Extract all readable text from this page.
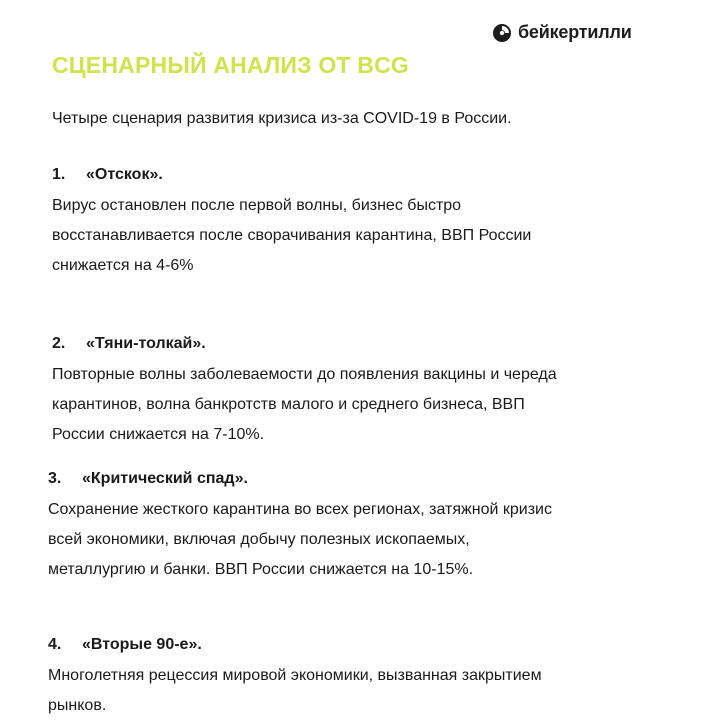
бейкертилли
СЦЕНАРНЫЙ АНАЛИЗ ОТ BCG
Четыре сценария развития кризиса из-за COVID-19 в России.
1.	«Отскок».
Вирус остановлен после первой волны, бизнес быстро
восстанавливается после сворачивания карантина, ВВП России
снижается на 4-6%
2.	«Тяни-толкай».
Повторные волны заболеваемости до появления вакцины и череда
карантинов, волна банкротств малого и среднего бизнеса, ВВП
России снижается на 7-10%.
3.	«Критический спад».
Сохранение жесткого карантина во всех регионах, затяжной кризис
всей экономики, включая добычу полезных ископаемых,
металлургию и банки. ВВП России снижается на 10-15%.
4.	«Вторые 90-е».
Многолетняя рецессия мировой экономики, вызванная закрытием
рынков.
